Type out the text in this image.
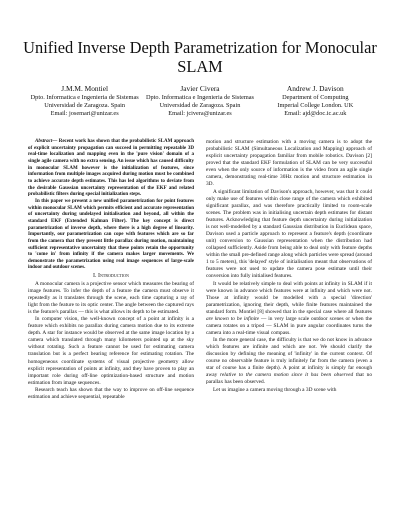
Unified Inverse Depth Parametrization for Monocular SLAM
J.M.M. Montiel
Dpto. Informatica e Ingenieria de Sistemas
Universidad de Zaragoza. Spain
Email: josemari@unizar.es
Javier Civera
Dpto. Informatica e Ingenieria de Sistemas
Universidad de Zaragoza. Spain
Email: jcivera@unizar.es
Andrew J. Davison
Department of Computing
Imperial College London. UK
Email: ajd@doc.ic.ac.uk

Abstract— Recent work has shown that the probabilistic SLAM approach of explicit uncertainty propagation can succeed in permitting repeatable 3D real-time localization and mapping even in the 'pure vision' domain of a single agile camera with no extra sensing. An issue which has caused difficulty in monocular SLAM however is the initialization of features, since information from multiple images acquired during motion must be combined to achieve accurate depth estimates. This has led algorithms to deviate from the desirable Gaussian uncertainty representation of the EKF and related probabilistic filters during special initialization steps.

In this paper we present a new unified parametrization for point features within monocular SLAM which permits efficient and accurate representation of uncertainty during undelayed initialisation and beyond, all within the standard EKF (Extended Kalman Filter). The key concept is direct parametrization of inverse depth, where there is a high degree of linearity. Importantly, our parametrization can cope with features which are so far from the camera that they present little parallax during motion, maintaining sufficient representative uncertainty that these points retain the opportunity to 'come in' from infinity if the camera makes larger movements. We demonstrate the parametrization using real image sequences of large-scale indoor and outdoor scenes.

I. Introduction

A monocular camera is a projective sensor which measures the bearing of image features. To infer the depth of a feature the camera must observe it repeatedly as it translates through the scene, each time capturing a ray of light from the feature to its optic center. The angle between the captured rays is the feature's parallax — this is what allows its depth to be estimated.

In computer vision, the well-known concept of a point at infinity is a feature which exhibits no parallax during camera motion due to its extreme depth. A star for instance would be observed at the same image location by a camera which translated through many kilometers pointed up at the sky without rotating. Such a feature cannot be used for estimating camera translation but is a perfect bearing reference for estimating rotation. The homogeneous coordinate systems of visual projective geometry allow explicit representation of points at infinity, and they have proven to play an important role during off-line optimization-based structure and motion estimation from image sequences.

Research teach has shown that the way to improve on off-line sequence estimation and achieve sequential, repeatable

motion and structure estimation with a moving camera is to adopt the probabilistic SLAM (Simultaneous Localization and Mapping) approach of explicit uncertainty propagation familiar from mobile robotics. Davison [2] proved that the standard EKF formulation of SLAM can be very successful even when the only source of information is the video from an agile single camera, demonstrating real-time 30Hz motion and structure estimation in 3D.

A significant limitation of Davison's approach, however, was that it could only make use of features within close range of the camera which exhibited significant parallax, and was therefore practically limited to room-scale scenes. The problem was in initialising uncertain depth estimates for distant features. Acknowledging that feature depth uncertainty during initialization is not well-modelled by a standard Gaussian distribution in Euclidean space, Davison used a particle approach to represent a feature's depth (coordinate unit) conversion to Gaussian representation when the distribution had collapsed sufficiently. Aside from being able to deal only with feature depths within the small pre-defined range along which particles were spread (around 1 to 5 meters), this 'delayed' style of initialisation meant that observations of features were not used to update the camera pose estimate until their conversion into fully initialised features.

It would be relatively simple to deal with points at infinity in SLAM if it were known in advance which features were at infinity and which were not. Those at infinity would be modelled with a special 'direction' parametrization, ignoring their depth, while finite features maintained the standard form. Montiel [8] showed that in the special case where all features are known to be infinite — in very large scale outdoor scenes or when the camera rotates on a tripod — SLAM in pure angular coordinates turns the camera into a real-time visual compass.

In the more general case, the difficulty is that we do not know in advance which features are infinite and which are not. We should clarify the discussion by defining the meaning of 'infinity' in the current context. Of course no observable feature is truly infinitely far from the camera (even a star of course has a finite depth). A point at infinity is simply far enough away relative to the camera motion since it has been observed that no parallax has been observed.

Let us imagine a camera moving through a 3D scene with
